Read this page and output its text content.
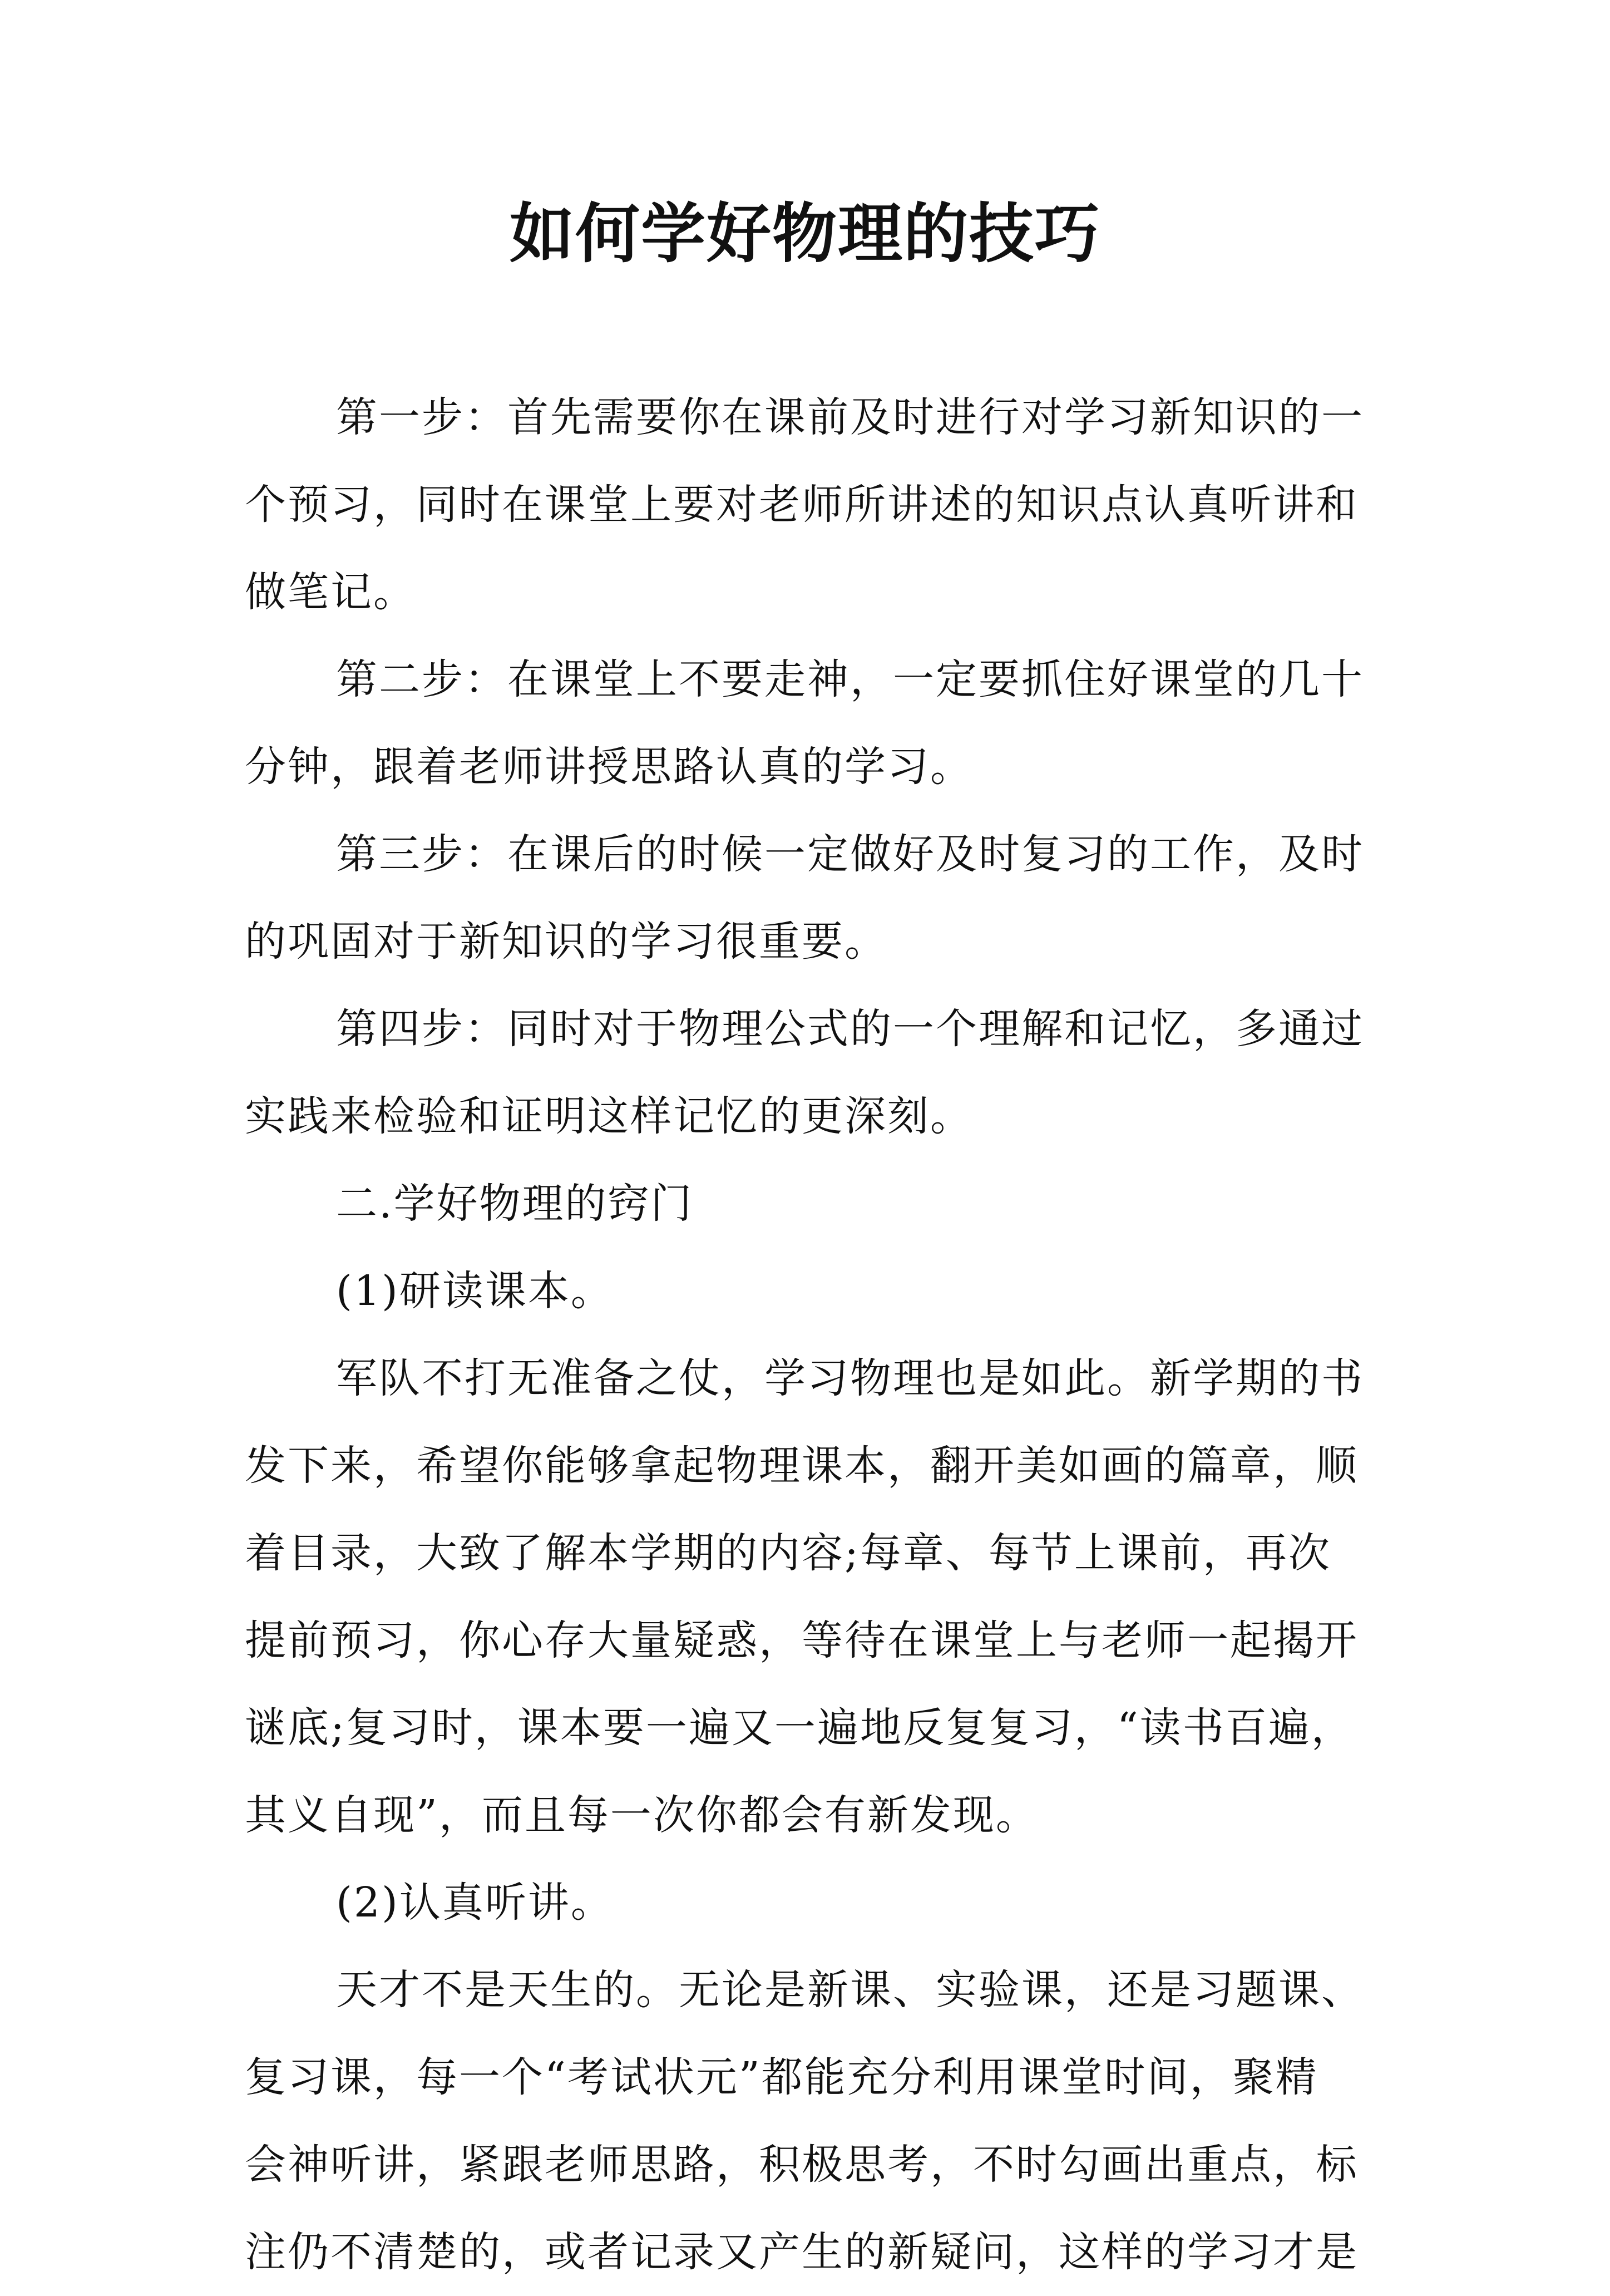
如何学好物理的技巧
第一步：首先需要你在课前及时进行对学习新知识的一
个预习，同时在课堂上要对老师所讲述的知识点认真听讲和
做笔记。
第二步：在课堂上不要走神，一定要抓住好课堂的几十
分钟，跟着老师讲授思路认真的学习。
第三步：在课后的时候一定做好及时复习的工作，及时
的巩固对于新知识的学习很重要。
第四步：同时对于物理公式的一个理解和记忆，多通过
实践来检验和证明这样记忆的更深刻。
二.学好物理的窍门
(1)研读课本。
军队不打无准备之仗，学习物理也是如此。新学期的书
发下来，希望你能够拿起物理课本，翻开美如画的篇章，顺
着目录，大致了解本学期的内容;每章、每节上课前，再次
提前预习，你心存大量疑惑，等待在课堂上与老师一起揭开
谜底;复习时，课本要一遍又一遍地反复复习，“读书百遍，
其义自现”，而且每一次你都会有新发现。
(2)认真听讲。
天才不是天生的。无论是新课、实验课，还是习题课、
复习课，每一个“考试状元”都能充分利用课堂时间，聚精
会神听讲，紧跟老师思路，积极思考，不时勾画出重点，标
注仍不清楚的，或者记录又产生的新疑问，这样的学习才是
